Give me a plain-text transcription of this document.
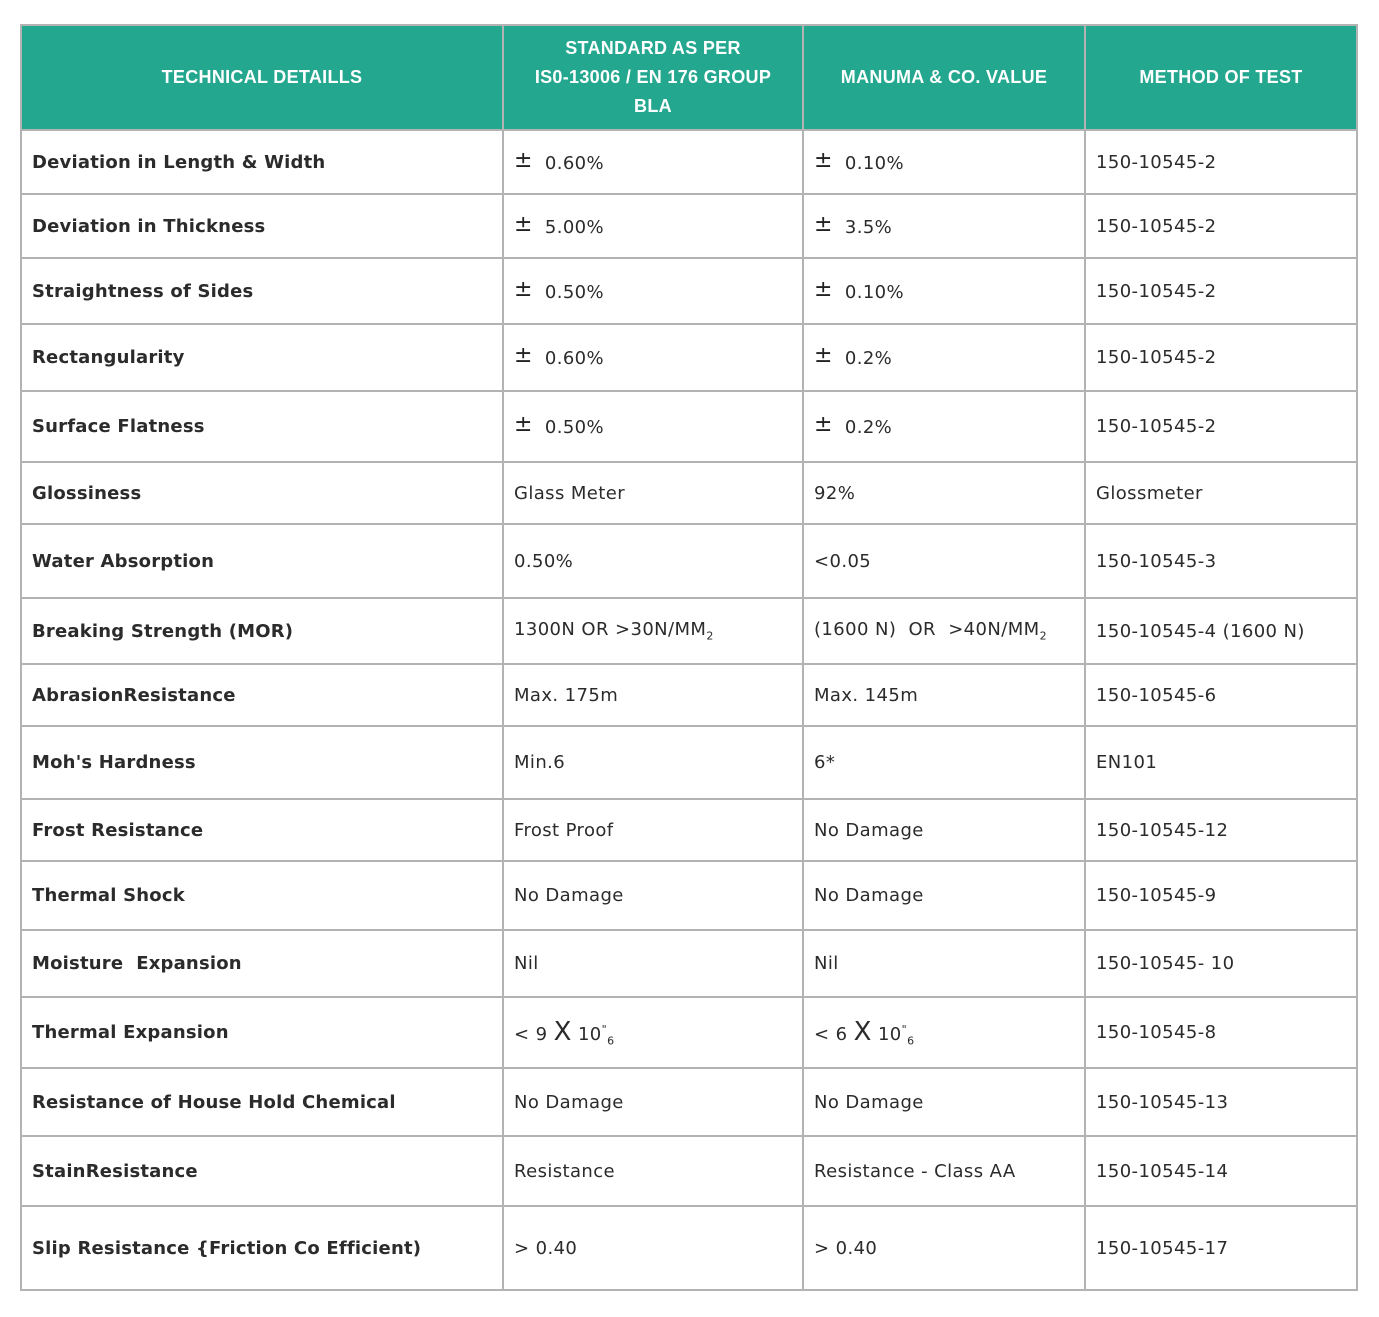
TECHNICAL DETAILLS	STANDARD AS PER
IS0-13006 / EN 176 GROUP
BLA	MANUMA & CO. VALUE	METHOD OF TEST
Deviation in Length & Width	± 0.60%	± 0.10%	150-10545-2
Deviation in Thickness	± 5.00%	± 3.5%	150-10545-2
Straightness of Sides	± 0.50%	± 0.10%	150-10545-2
Rectangularity	± 0.60%	± 0.2%	150-10545-2
Surface Flatness	± 0.50%	± 0.2%	150-10545-2
Glossiness	Glass Meter	92%	Glossmeter
Water Absorption	0.50%	<0.05	150-10545-3
Breaking Strength (MOR)	1300N OR $>30N/MM_2$	(1600 N)  OR  $>40N/MM_2$	150-10545-4 (1600 N)
AbrasionResistance	Max. 175m	Max. 145m	150-10545-6
Moh's Hardness	Min.6	6*	EN101
Frost Resistance	Frost Proof	No Damage	150-10545-12
Thermal Shock	No Damage	No Damage	150-10545-9
Moisture  Expansion	Nil	Nil	150-10545- 10
Thermal Expansion	< 9 X $10^"_6$	< 6 X $10^"_6$	150-10545-8
Resistance of House Hold Chemical	No Damage	No Damage	150-10545-13
StainResistance	Resistance	Resistance - Class AA	150-10545-14
Slip Resistance {Friction Co Efficient)	> 0.40	> 0.40	150-10545-17
